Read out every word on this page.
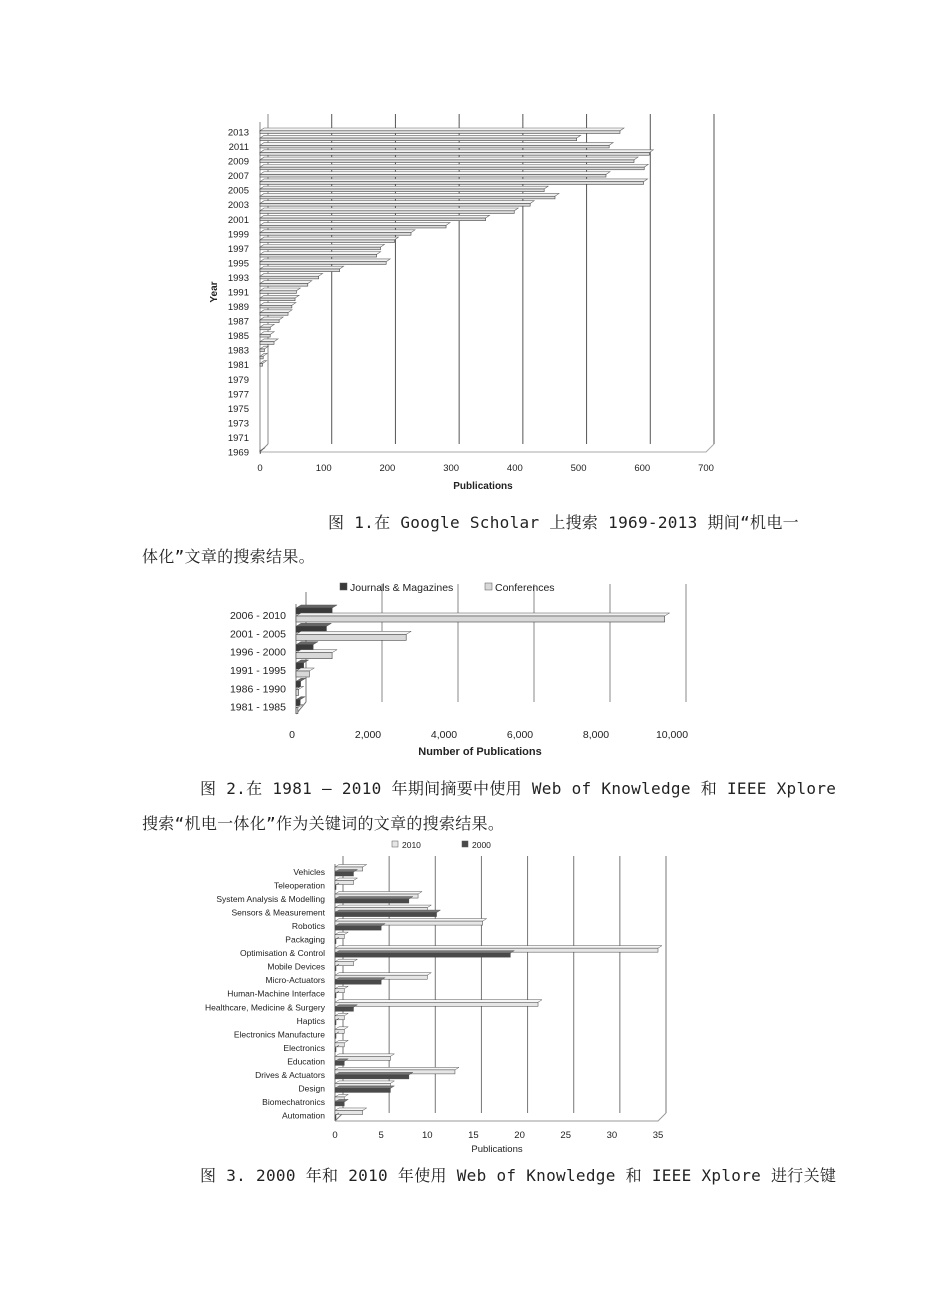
0	100	200	300	400	500	600	700
2013
2011
2009
2007
2005
2003
2001
1999
1997
1995
1993
1991
1989
1987
1985
1983
1981
1979
1977
1975
1973
1971
1969
Publications
Year
0	2,000	4,000	6,000	8,000	10,000
Number of Publications
Journals & Magazines	Conferences
2006 - 2010
2001 - 2005
1996 - 2000
1991 - 1995
1986 - 1990
1981 - 1985
0	5	10	15	20	25	30	35
Publications
2010	2000
Vehicles
Teleoperation
System Analysis & Modelling
Sensors & Measurement
Robotics
Packaging
Optimisation & Control
Mobile Devices
Micro-Actuators
Human-Machine Interface
Healthcare, Medicine & Surgery
Haptics
Electronics Manufacture
Electronics
Education
Drives & Actuators
Design
Biomechatronics
Automation
图 1.在 Google Scholar 上搜索 1969-2013 期间“机电一
体化”文章的搜索结果。
图 2.在 1981 – 2010 年期间摘要中使用 Web of Knowledge 和 IEEE Xplore
搜索“机电一体化”作为关键词的文章的搜索结果。
图 3. 2000 年和 2010 年使用 Web of Knowledge 和 IEEE Xplore 进行关键
